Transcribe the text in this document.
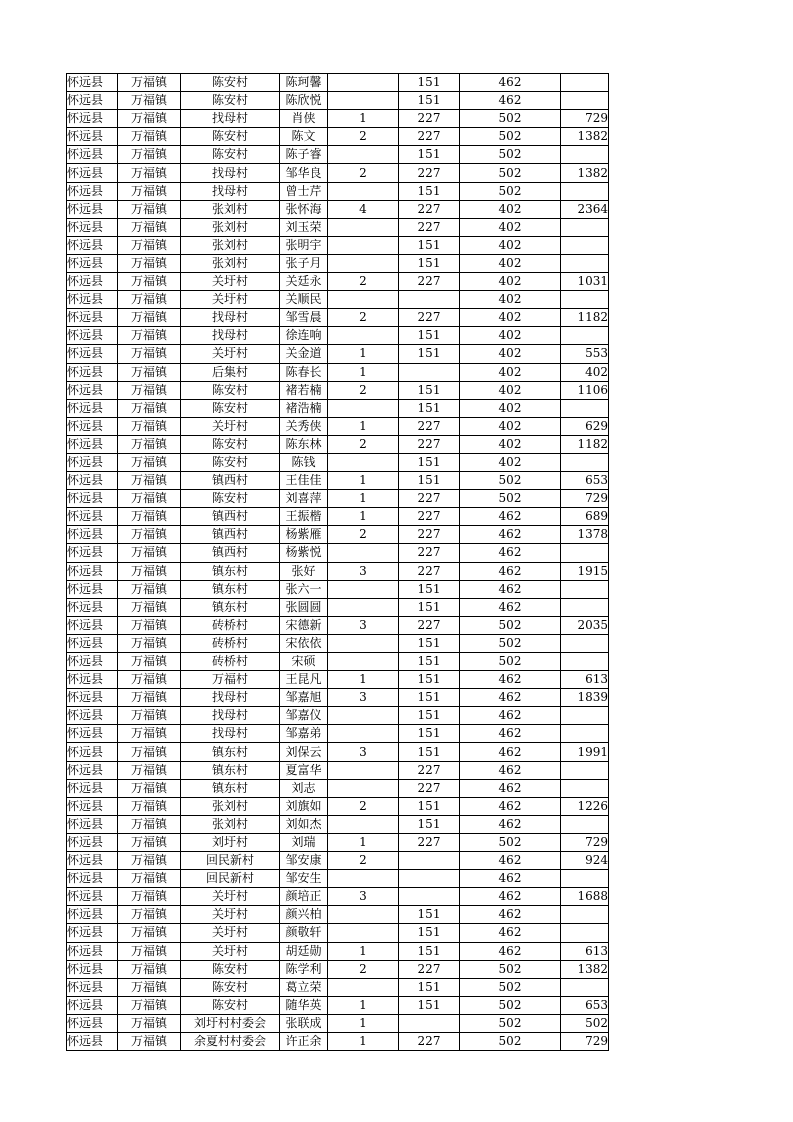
怀远县	万福镇	陈安村	陈珂馨		151	462	
怀远县	万福镇	陈安村	陈欣悦		151	462	
怀远县	万福镇	找母村	肖侠	1	227	502	729
怀远县	万福镇	陈安村	陈文	2	227	502	1382
怀远县	万福镇	陈安村	陈子睿		151	502	
怀远县	万福镇	找母村	邹华良	2	227	502	1382
怀远县	万福镇	找母村	曾士芹		151	502	
怀远县	万福镇	张刘村	张怀海	4	227	402	2364
怀远县	万福镇	张刘村	刘玉荣		227	402	
怀远县	万福镇	张刘村	张明宇		151	402	
怀远县	万福镇	张刘村	张子月		151	402	
怀远县	万福镇	关圩村	关廷永	2	227	402	1031
怀远县	万福镇	关圩村	关顺民			402	
怀远县	万福镇	找母村	邹雪晨	2	227	402	1182
怀远县	万福镇	找母村	徐连响		151	402	
怀远县	万福镇	关圩村	关金道	1	151	402	553
怀远县	万福镇	后集村	陈春长	1		402	402
怀远县	万福镇	陈安村	褚若楠	2	151	402	1106
怀远县	万福镇	陈安村	褚浩楠		151	402	
怀远县	万福镇	关圩村	关秀侠	1	227	402	629
怀远县	万福镇	陈安村	陈东林	2	227	402	1182
怀远县	万福镇	陈安村	陈钱		151	402	
怀远县	万福镇	镇西村	王佳佳	1	151	502	653
怀远县	万福镇	陈安村	刘喜萍	1	227	502	729
怀远县	万福镇	镇西村	王振楷	1	227	462	689
怀远县	万福镇	镇西村	杨紫雁	2	227	462	1378
怀远县	万福镇	镇西村	杨紫悦		227	462	
怀远县	万福镇	镇东村	张好	3	227	462	1915
怀远县	万福镇	镇东村	张六一		151	462	
怀远县	万福镇	镇东村	张圆圆		151	462	
怀远县	万福镇	砖桥村	宋德新	3	227	502	2035
怀远县	万福镇	砖桥村	宋依依		151	502	
怀远县	万福镇	砖桥村	宋硕		151	502	
怀远县	万福镇	万福村	王昆凡	1	151	462	613
怀远县	万福镇	找母村	邹嘉旭	3	151	462	1839
怀远县	万福镇	找母村	邹嘉仪		151	462	
怀远县	万福镇	找母村	邹嘉弟		151	462	
怀远县	万福镇	镇东村	刘保云	3	151	462	1991
怀远县	万福镇	镇东村	夏富华		227	462	
怀远县	万福镇	镇东村	刘志		227	462	
怀远县	万福镇	张刘村	刘旗如	2	151	462	1226
怀远县	万福镇	张刘村	刘如杰		151	462	
怀远县	万福镇	刘圩村	刘瑞	1	227	502	729
怀远县	万福镇	回民新村	邹安康	2		462	924
怀远县	万福镇	回民新村	邹安生			462	
怀远县	万福镇	关圩村	颜培正	3		462	1688
怀远县	万福镇	关圩村	颜兴柏		151	462	
怀远县	万福镇	关圩村	颜敬轩		151	462	
怀远县	万福镇	关圩村	胡廷勋	1	151	462	613
怀远县	万福镇	陈安村	陈学利	2	227	502	1382
怀远县	万福镇	陈安村	葛立荣		151	502	
怀远县	万福镇	陈安村	随华英	1	151	502	653
怀远县	万福镇	刘圩村村委会	张联成	1		502	502
怀远县	万福镇	余夏村村委会	许正余	1	227	502	729
